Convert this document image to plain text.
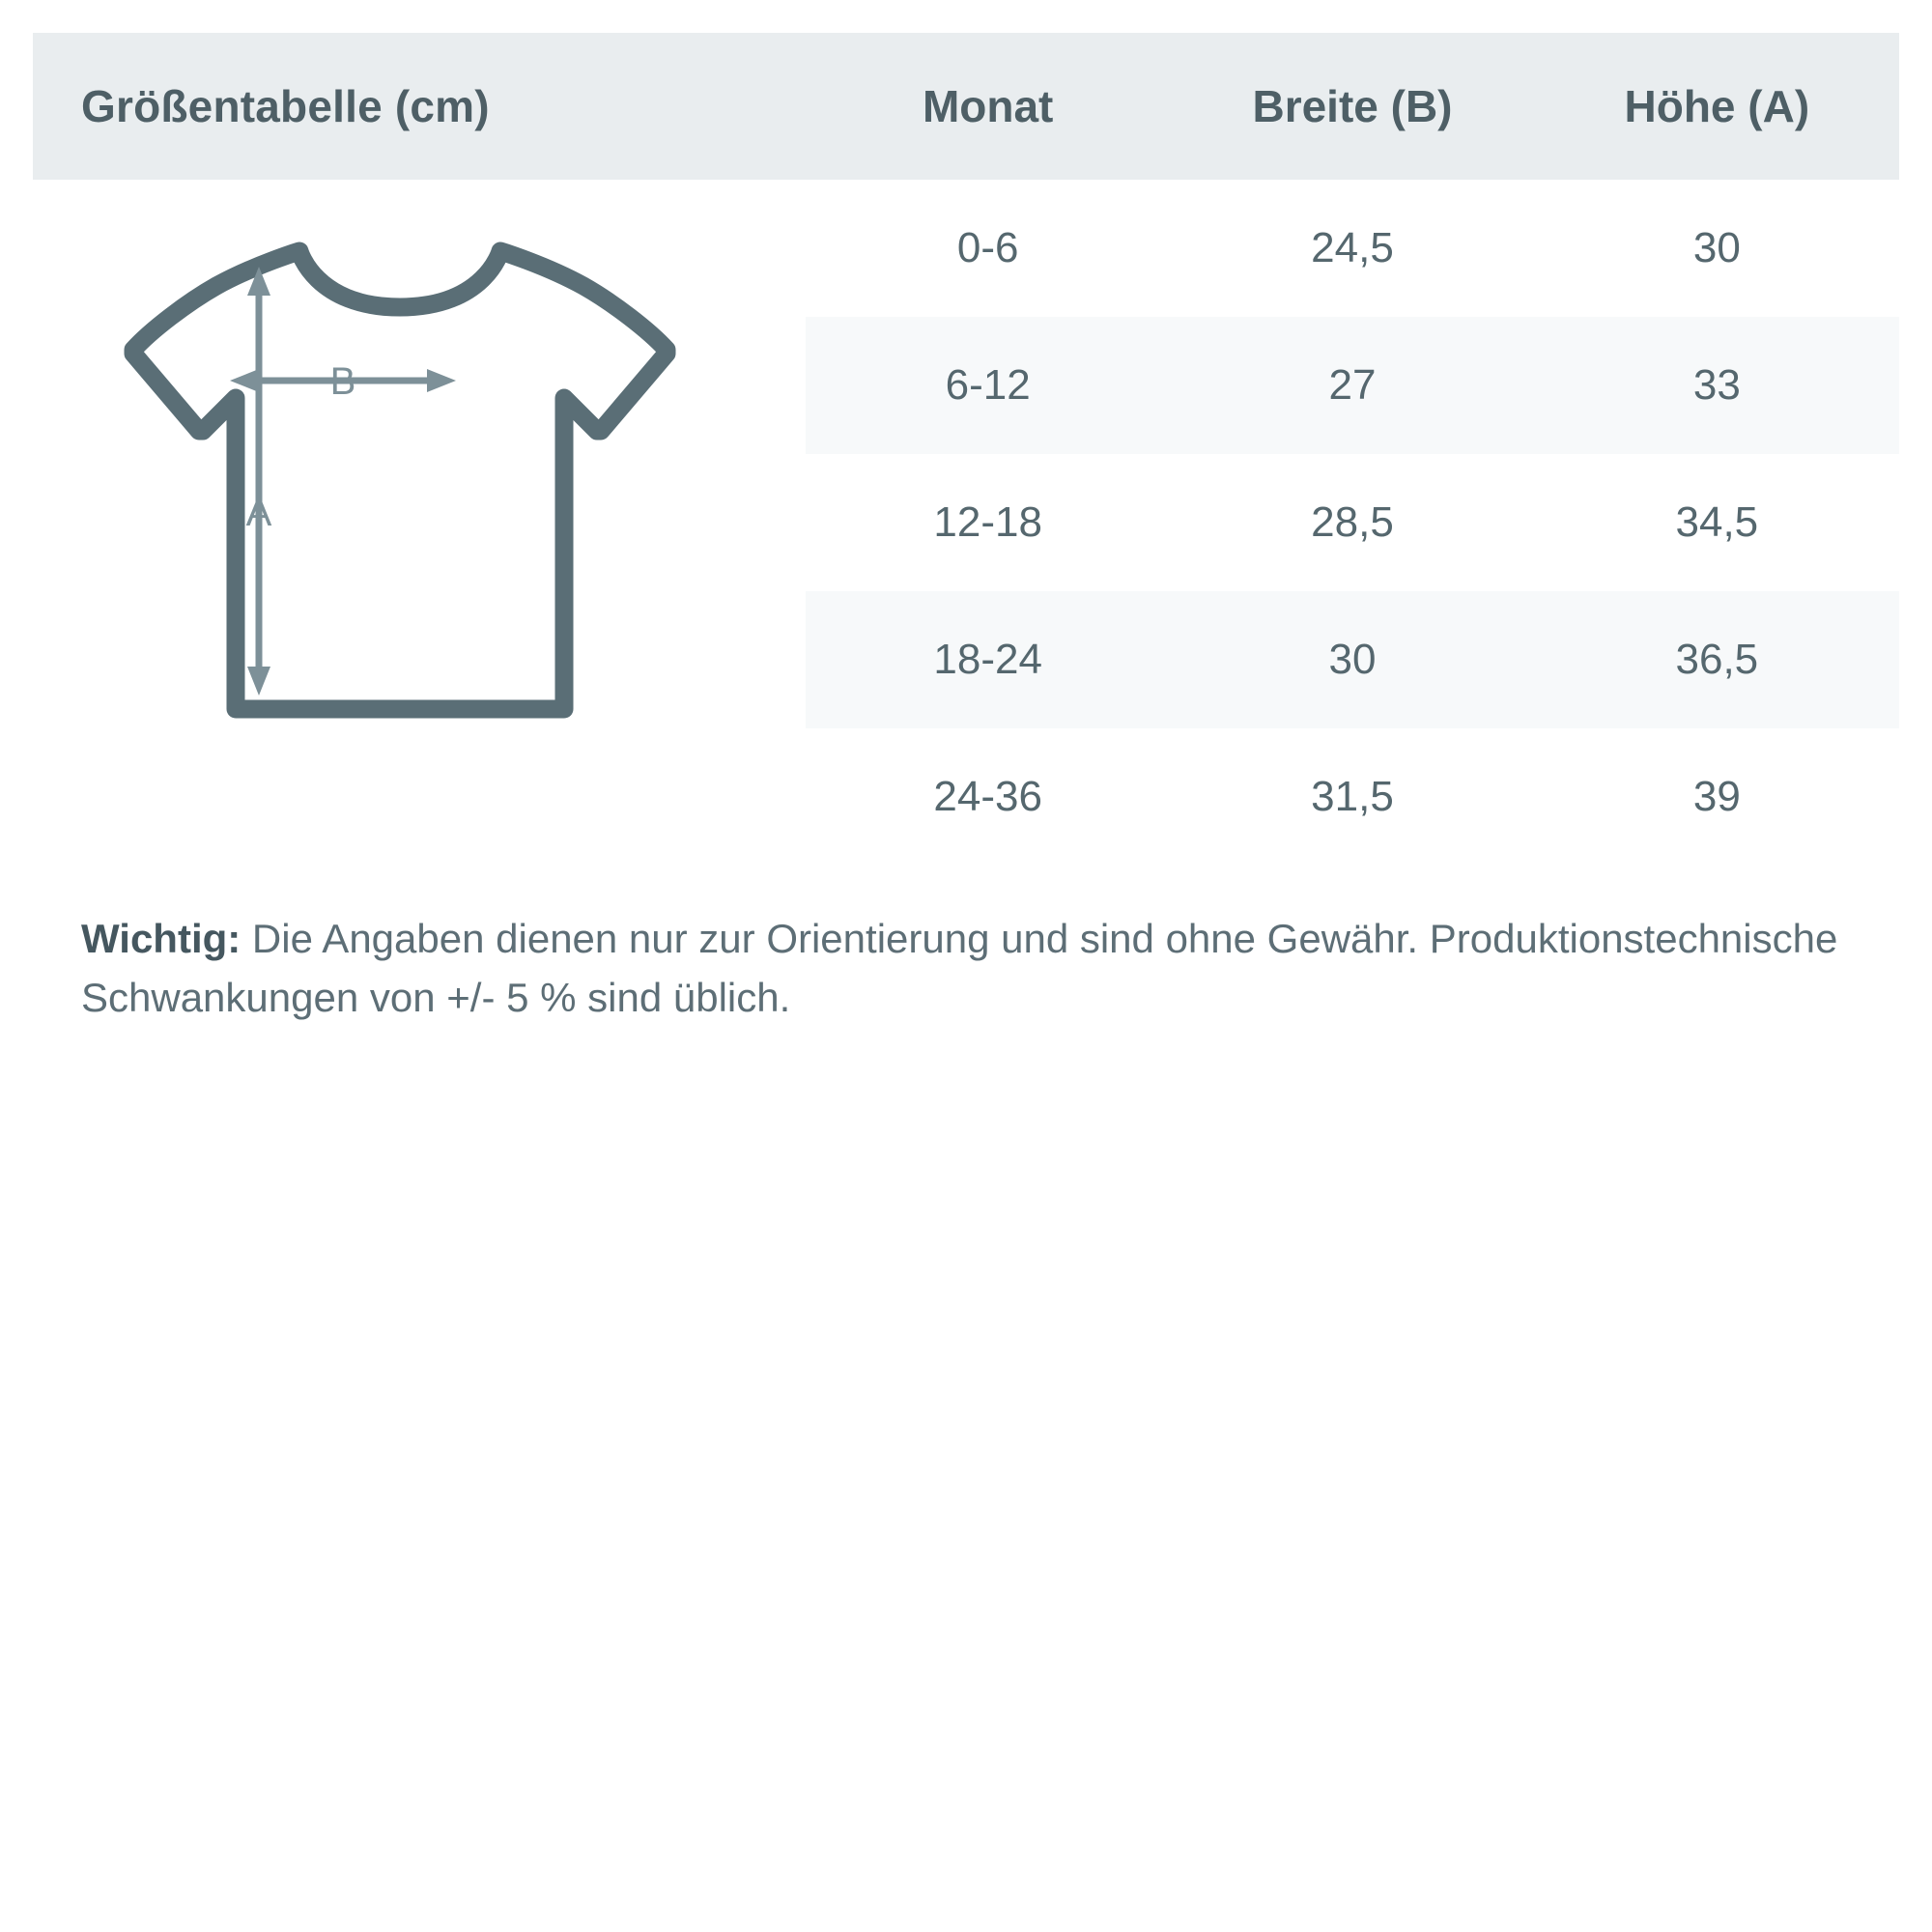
Größentabelle (cm)	Monat	Breite (B)	Höhe (A)
A
B
0-6	24,5	30
6-12	27	33
12-18	28,5	34,5
18-24	30	36,5
24-36	31,5	39
Wichtig: Die Angaben dienen nur zur Orientierung und sind ohne Gewähr. Produktionstechnische Schwankungen von +/- 5 % sind üblich.
